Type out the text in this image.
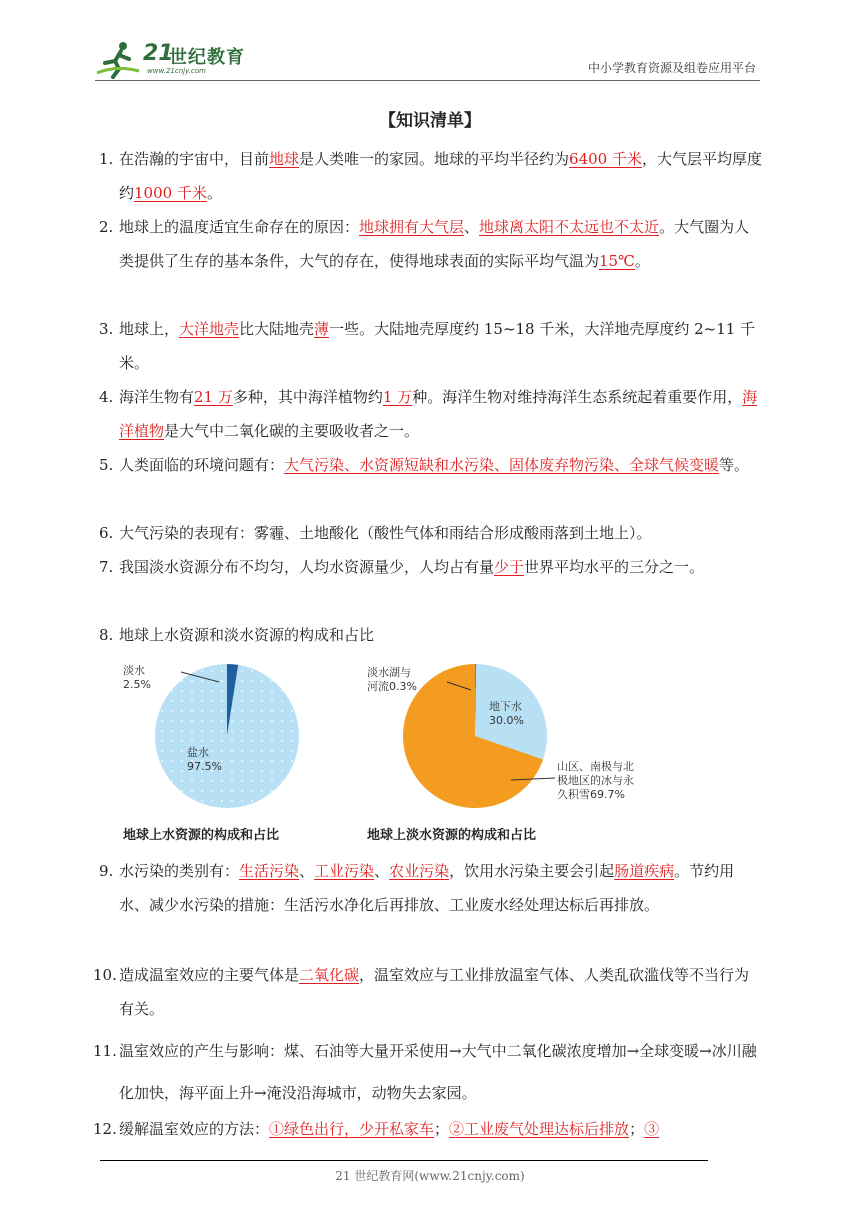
21
世纪教育
www.21cnjy.com	中小学教育资源及组卷应用平台
【知识清单】

1. 在浩瀚的宇宙中，目前地球是人类唯一的家园。地球的平均半径约为6400 千米，大气层平均厚度约1000 千米。

2. 地球上的温度适宜生命存在的原因：地球拥有大气层、地球离太阳不太远也不太近。大气圈为人类提供了生存的基本条件，大气的存在，使得地球表面的实际平均气温为15℃。

3. 地球上，大洋地壳比大陆地壳薄一些。大陆地壳厚度约 15~18 千米，大洋地壳厚度约 2~11 千米。

4. 海洋生物有21 万多种，其中海洋植物约1 万种。海洋生物对维持海洋生态系统起着重要作用，海洋植物是大气中二氧化碳的主要吸收者之一。

5. 人类面临的环境问题有：大气污染、水资源短缺和水污染、固体废弃物污染、全球气候变暖等。

6. 大气污染的表现有：雾霾、土地酸化（酸性气体和雨结合形成酸雨落到土地上）。

7. 我国淡水资源分布不均匀，人均水资源量少，人均占有量少于世界平均水平的三分之一。

8. 地球上水资源和淡水资源的构成和占比

淡水
2.5%
盐水
97.5%
地球上水资源的构成和占比
淡水湖与
河流0.3%
地下水
30.0%
山区、南极与北
极地区的冰与永
久积雪69.7%
地球上淡水资源的构成和占比

9. 水污染的类别有：生活污染、工业污染、农业污染，饮用水污染主要会引起肠道疾病。节约用水、减少水污染的措施：生活污水净化后再排放、工业废水经处理达标后再排放。

10. 造成温室效应的主要气体是二氧化碳，温室效应与工业排放温室气体、人类乱砍滥伐等不当行为有关。

11. 温室效应的产生与影响：煤、石油等大量开采使用→大气中二氧化碳浓度增加→全球变暖→冰川融化加快，海平面上升→淹没沿海城市，动物失去家园。

12. 缓解温室效应的方法：①绿色出行，少开私家车；②工业废气处理达标后排放；③

21 世纪教育网(www.21cnjy.com)
